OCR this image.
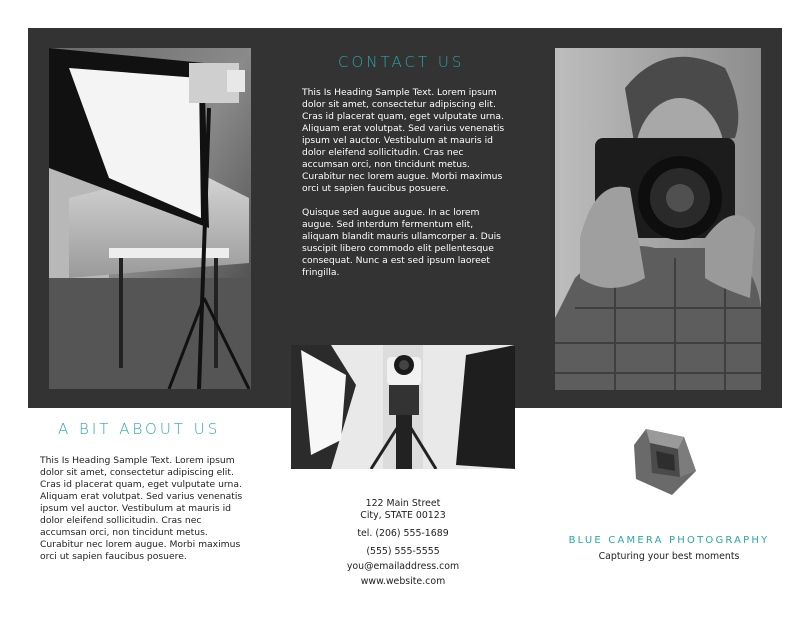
CONTACT US

This Is Heading Sample Text. Lorem ipsum dolor sit amet, consectetur adipiscing elit. Cras id placerat quam, eget vulputate urna. Aliquam erat volutpat. Sed varius venenatis ipsum vel auctor. Vestibulum at mauris id dolor eleifend sollicitudin. Cras nec accumsan orci, non tincidunt metus. Curabitur nec lorem augue. Morbi maximus orci ut sapien faucibus posuere.

Quisque sed augue augue. In ac lorem augue. Sed interdum fermentum elit, aliquam blandit mauris ullamcorper a. Duis suscipit libero commodo elit pellentesque consequat. Nunc a est sed ipsum laoreet fringilla.

A BIT ABOUT US

This Is Heading Sample Text. Lorem ipsum dolor sit amet, consectetur adipiscing elit. Cras id placerat quam, eget vulputate urna. Aliquam erat volutpat. Sed varius venenatis ipsum vel auctor. Vestibulum at mauris id dolor eleifend sollicitudin. Cras nec accumsan orci, non tincidunt metus. Curabitur nec lorem augue. Morbi maximus orci ut sapien faucibus posuere.

122 Main Street
City, STATE 00123
tel. (206) 555-1689
(555) 555-5555
you@emailaddress.com
www.website.com
BLUE CAMERA PHOTOGRAPHY
Capturing your best moments
